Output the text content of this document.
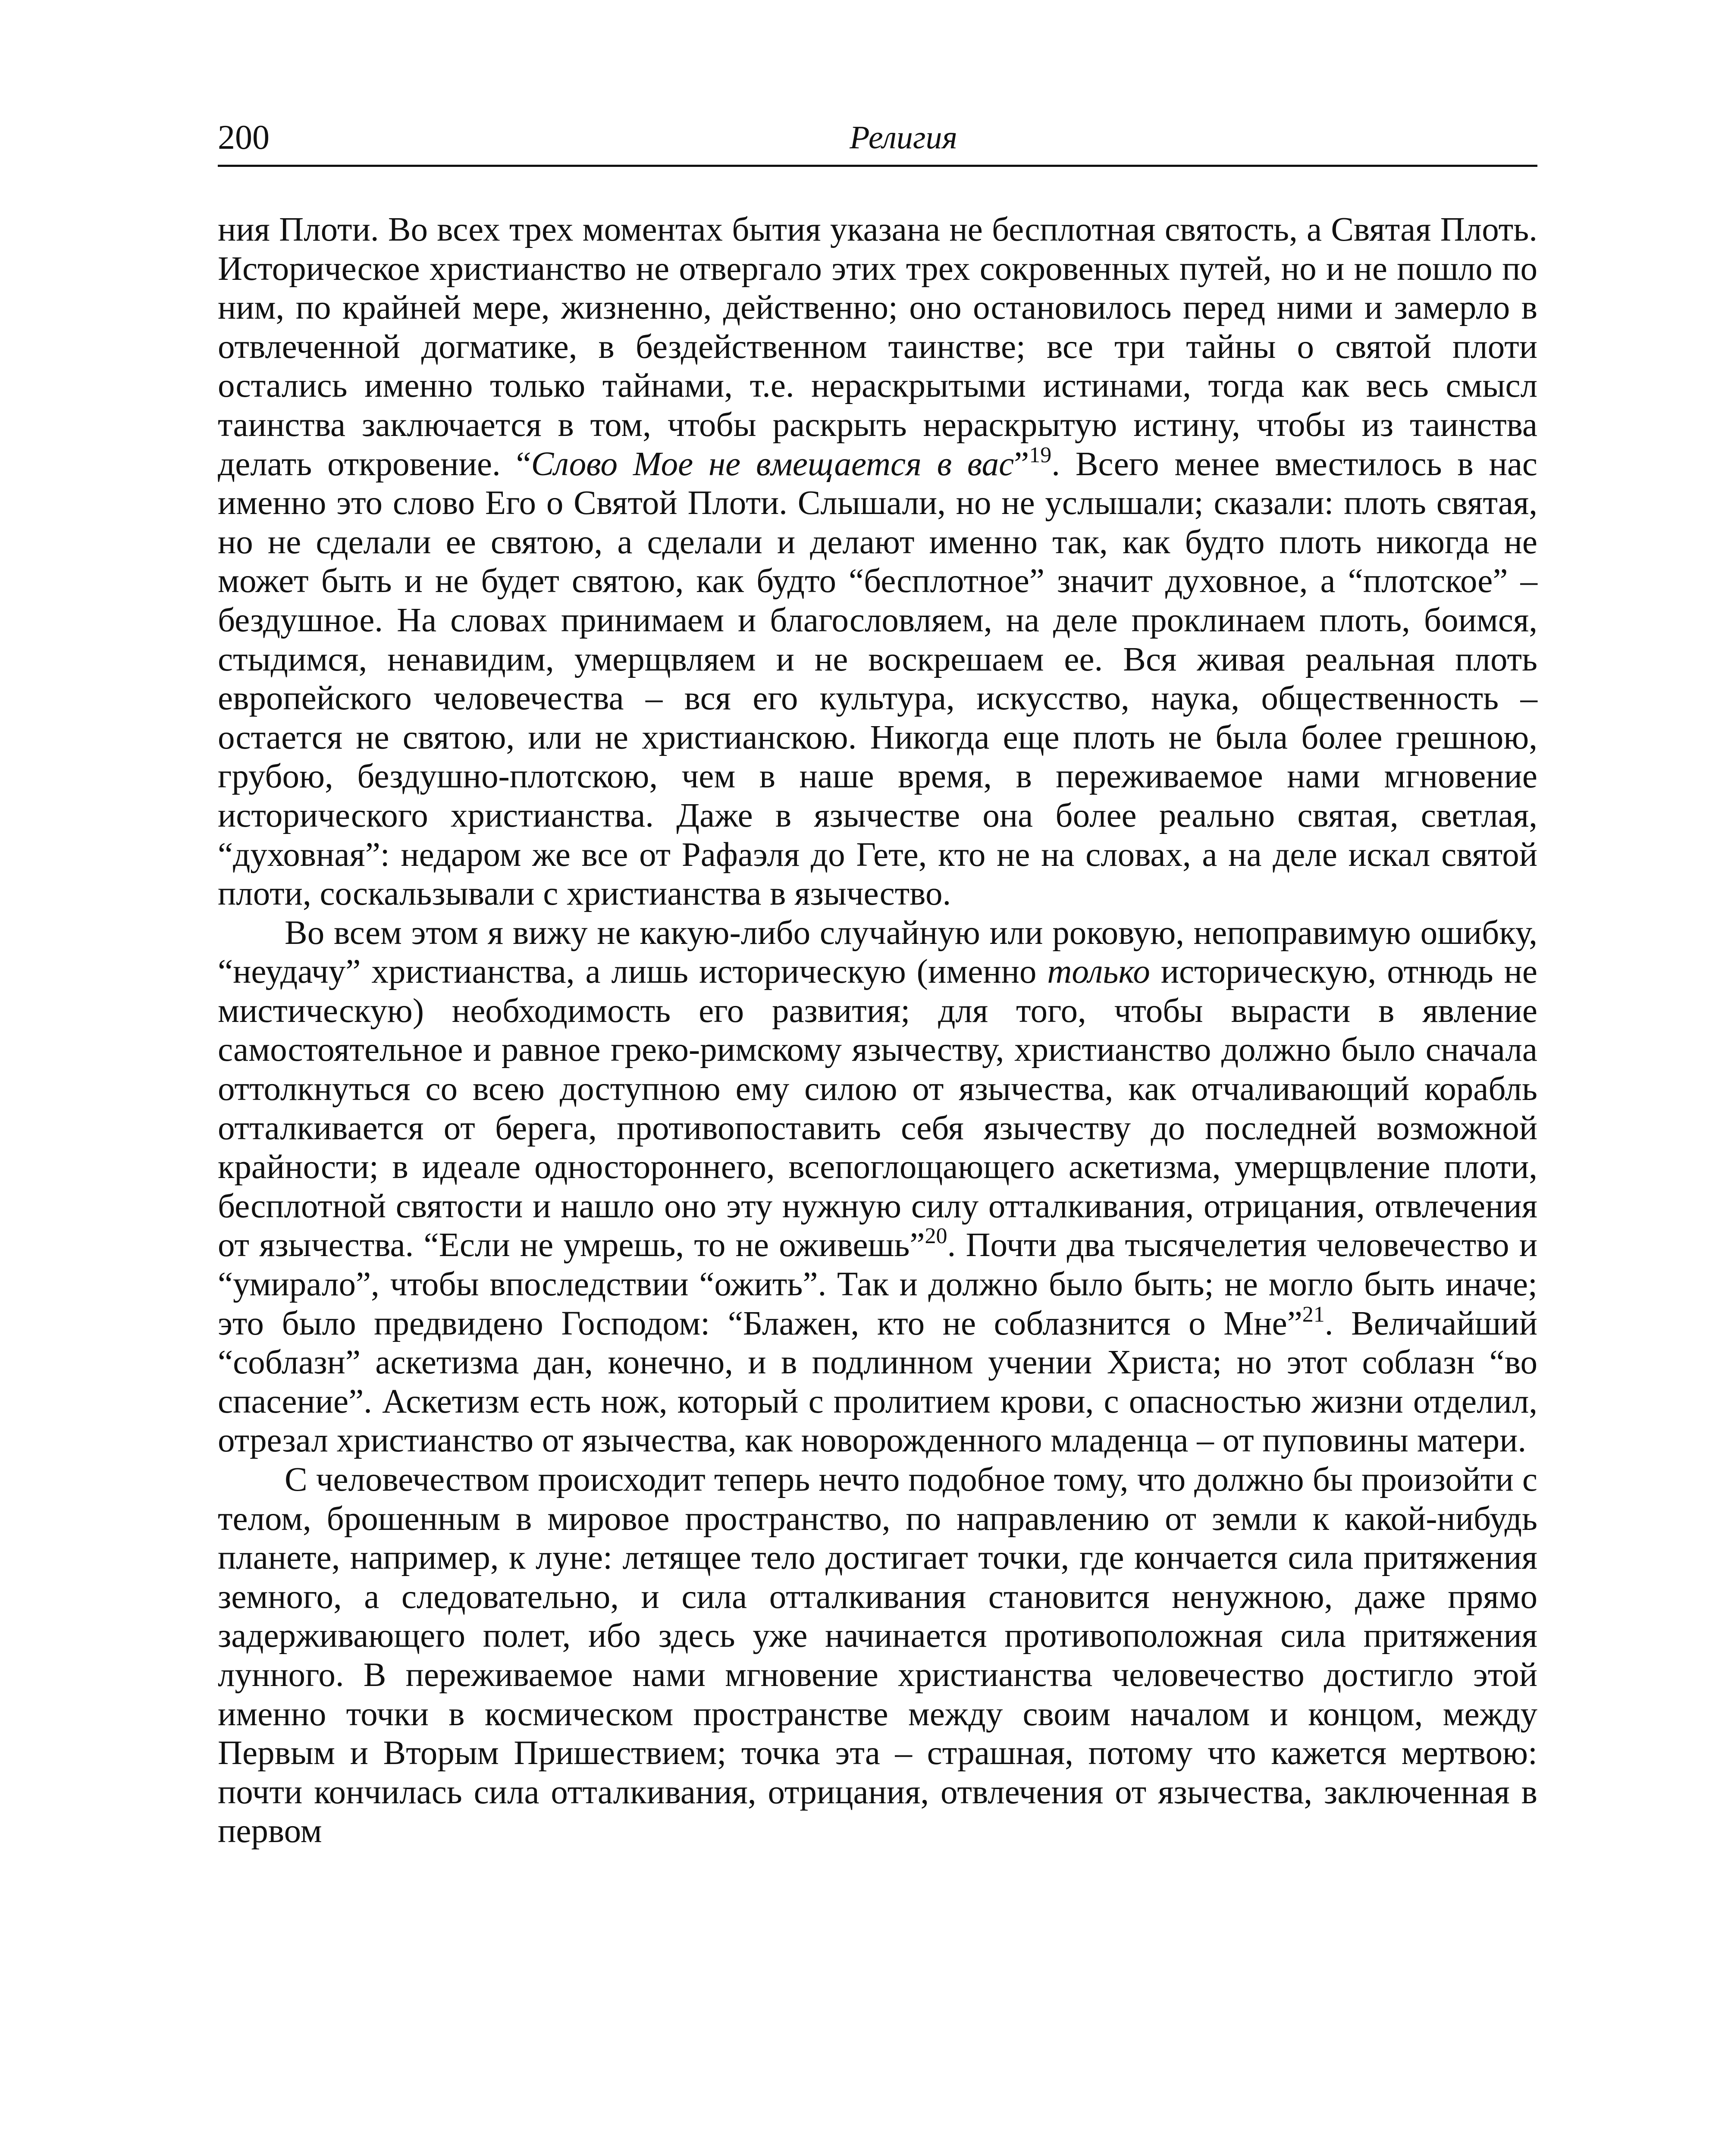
200	Религия

ния Плоти. Во всех трех моментах бытия указана не бесплотная святость, а Святая Плоть. Историческое христианство не отвергало этих трех сокровенных путей, но и не пошло по ним, по крайней мере, жизненно, действенно; оно остановилось перед ними и замерло в отвлеченной догматике, в бездейственном таинстве; все три тайны о святой плоти остались именно только тайнами, т.е. нераскрытыми истинами, тогда как весь смысл таинства заключается в том, чтобы раскрыть нераскрытую истину, чтобы из таинства делать откровение. “Слово Мое не вмещается в вас”$^{19}$. Всего менее вместилось в нас именно это слово Его о Святой Плоти. Слышали, но не услышали; сказали: плоть святая, но не сделали ее святою, а сделали и делают именно так, как будто плоть никогда не может быть и не будет святою, как будто “бесплотное” значит духовное, а “плотское” – бездушное. На словах принимаем и благословляем, на деле проклинаем плоть, боимся, стыдимся, ненавидим, умерщвляем и не воскрешаем ее. Вся живая реальная плоть европейского человечества – вся его культура, искусство, наука, общественность – остается не святою, или не христианскою. Никогда еще плоть не была более грешною, грубою, бездушно-плотскою, чем в наше время, в переживаемое нами мгновение исторического христианства. Даже в язычестве она более реально святая, светлая, “духовная”: недаром же все от Рафаэля до Гете, кто не на словах, а на деле искал святой плоти, соскальзывали с христианства в язычество.

Во всем этом я вижу не какую-либо случайную или роковую, непоправимую ошибку, “неудачу” христианства, а лишь историческую (именно только историческую, отнюдь не мистическую) необходимость его развития; для того, чтобы вырасти в явление самостоятельное и равное греко-римскому язычеству, христианство должно было сначала оттолкнуться со всею доступною ему силою от язычества, как отчаливающий корабль отталкивается от берега, противопоставить себя язычеству до последней возможной крайности; в идеале одностороннего, всепоглощающего аскетизма, умерщвление плоти, бесплотной святости и нашло оно эту нужную силу отталкивания, отрицания, отвлечения от язычества. “Если не умрешь, то не оживешь”$^{20}$. Почти два тысячелетия человечество и “умирало”, чтобы впоследствии “ожить”. Так и должно было быть; не могло быть иначе; это было предвидено Господом: “Блажен, кто не соблазнится о Мне”$^{21}$. Величайший “соблазн” аскетизма дан, конечно, и в подлинном учении Христа; но этот соблазн “во спасение”. Аскетизм есть нож, который с пролитием крови, с опасностью жизни отделил, отрезал христианство от язычества, как новорожденного младенца – от пуповины матери.

С человечеством происходит теперь нечто подобное тому, что должно бы произойти с телом, брошенным в мировое пространство, по направлению от земли к какой-нибудь планете, например, к луне: летящее тело достигает точки, где кончается сила притяжения земного, а следовательно, и сила отталкивания становится ненужною, даже прямо задерживающего полет, ибо здесь уже начинается противоположная сила притяжения лунного. В переживаемое нами мгновение христианства человечество достигло этой именно точки в космическом пространстве между своим началом и концом, между Первым и Вторым Пришествием; точка эта – страшная, потому что кажется мертвою: почти кончилась сила отталкивания, отрицания, отвлечения от язычества, заключенная в первом
